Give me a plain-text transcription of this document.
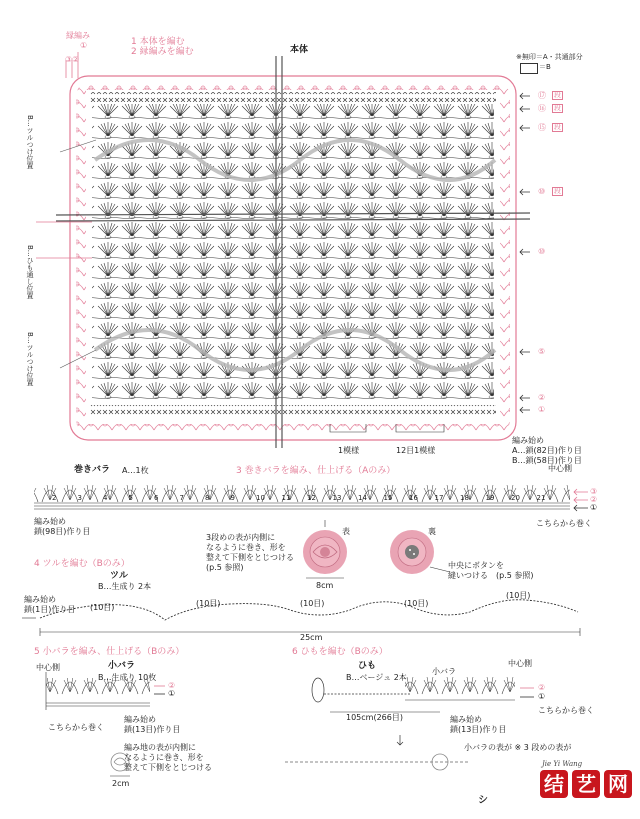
1 本体を編む
2 縁編みを編む	本体
※無印＝A・共通部分
＝B
縁編み
①
③ ②
B…ツルつけ位置
B…ひも通し位置
B…ツルつけ位置
⑰ 段
⑯ 段
⑮ 段
⑩ 段
⑩
⑤
②
①
1模様	12目1模様
編み始め
A…鎖(82目)作り目
B…鎖(58目)作り目
巻きバラ A…1枚	3 巻きバラを編み、仕上げる（Aのみ）	中心側
③
②
①
編み始め
鎖(98目)作り目
こちらから巻く
2	3	4	5	6	7	8	9	10 11 12 13 14 15 16 17 18 19 20 21
3段めの表が内側に
なるように巻き、形を
整えて下側をとじつける
(p.5 参照)
表	裏
8cm
中央にボタンを
縫いつける　(p.5 参照)
4 ツルを編む（Bのみ）
ツル
B…生成り 2本
編み始め
鎖(1目)作り目 (10目)	(10目)	(10目)	(10目)
(10目)
25cm
5 小バラを編み、仕上げる（Bのみ）
小バラ
B…生成り 10枚
中心側
②
①
こちらから巻く
編み始め
鎖(13目)作り目
編み地の表が内側に
なるように巻き、形を
整えて下側をとじつける
2cm
6 ひもを編む（Bのみ）
ひも
B…ベージュ 2本
小バラ
中心側
②
①
こちらから巻く
105cm(266目)	編み始め
鎖(13目)作り目
小バラの表が ※ 3 段めの表が
シ
Jie Yi Wang
结 艺 网
